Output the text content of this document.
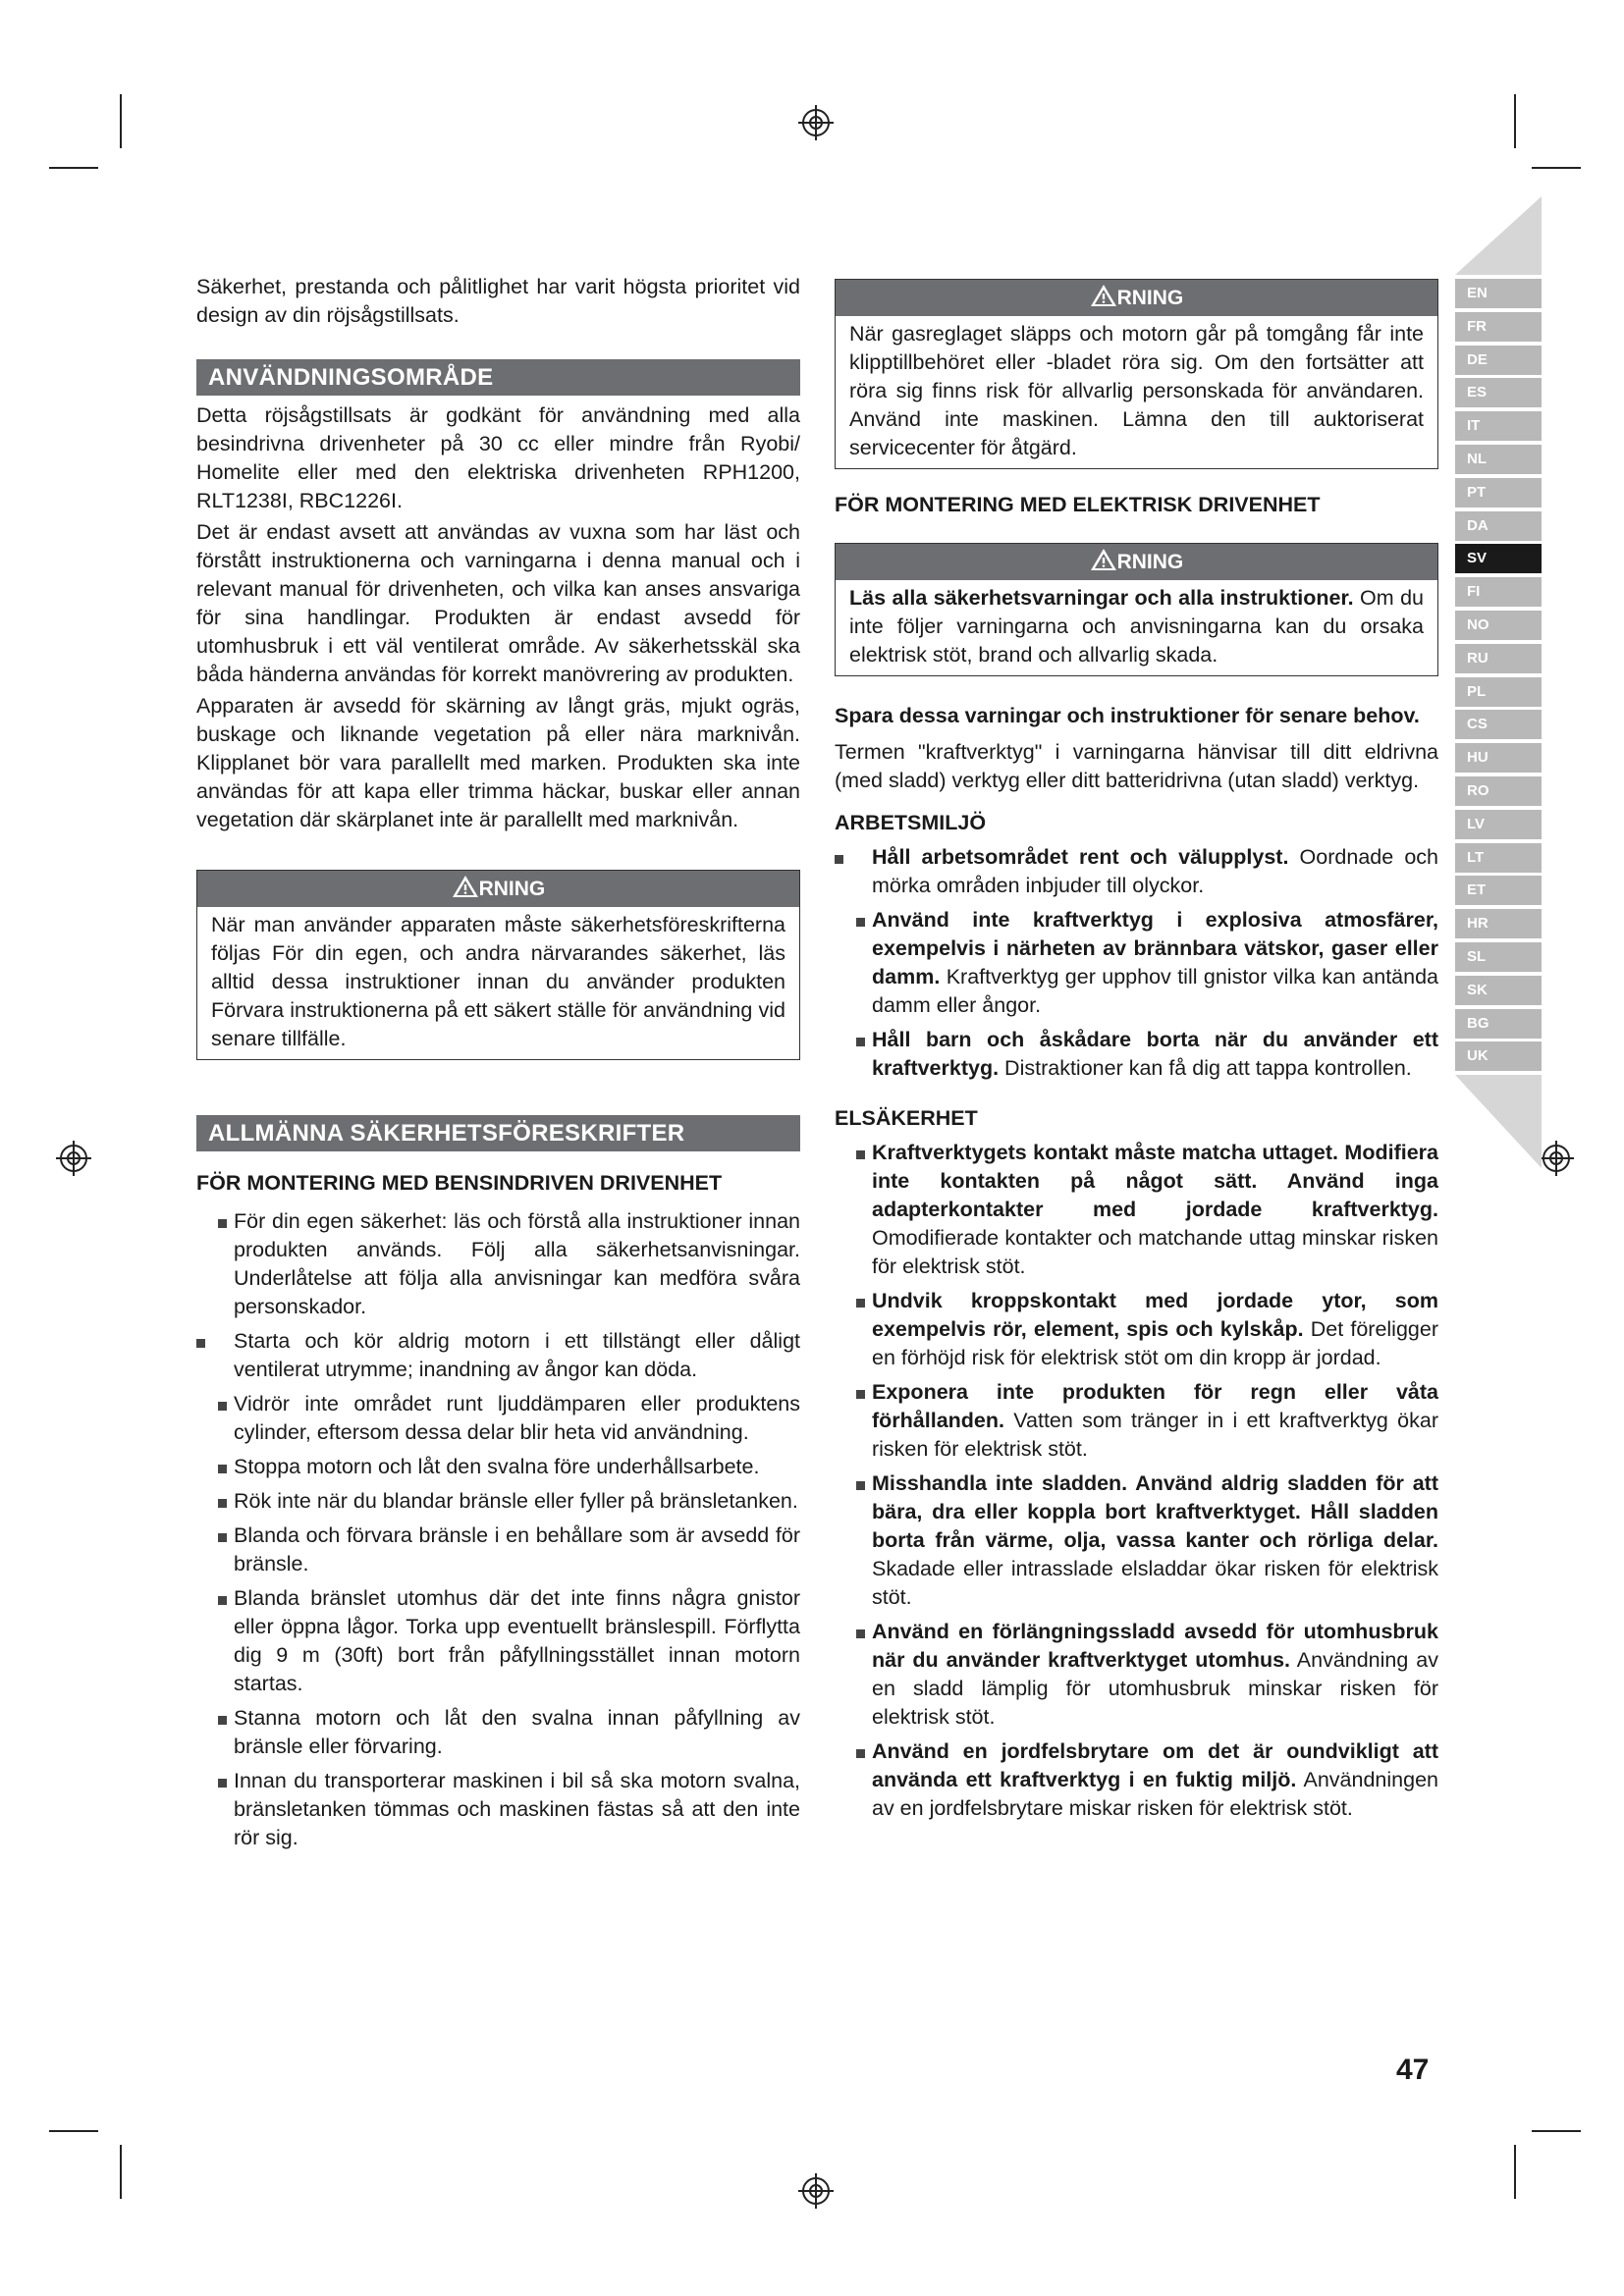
EN
FR
DE
ES
IT
NL
PT
DA
SV
FI
NO
RU
PL
CS
HU
RO
LV
LT
ET
HR
SL
SK
BG
UK

Säkerhet, prestanda och pålitlighet har varit högsta prioritet vid design av din röjsågstillsats.

ANVÄNDNINGSOMRÅDE

Detta röjsågstillsats är godkänt för användning med alla besindrivna drivenheter på 30 cc eller mindre från Ryobi/ Homelite eller med den elektriska drivenheten RPH1200, RLT1238I, RBC1226I.

Det är endast avsett att användas av vuxna som har läst och förstått instruktionerna och varningarna i denna manual och i relevant manual för drivenheten, och vilka kan anses ansvariga för sina handlingar. Produkten är endast avsedd för utomhusbruk i ett väl ventilerat område. Av säkerhetsskäl ska båda händerna användas för korrekt manövrering av produkten.

Apparaten är avsedd för skärning av långt gräs, mjukt ogräs, buskage och liknande vegetation på eller nära marknivån. Klipplanet bör vara parallellt med marken. Produkten ska inte användas för att kapa eller trimma häckar, buskar eller annan vegetation där skärplanet inte är parallellt med marknivån.

RNING

När man använder apparaten måste säkerhetsföreskrifterna följas För din egen, och andra närvarandes säkerhet, läs alltid dessa instruktioner innan du använder produkten Förvara instruktionerna på ett säkert ställe för användning vid senare tillfälle.

ALLMÄNNA SÄKERHETSFÖRESKRIFTER
FÖR MONTERING MED BENSINDRIVEN DRIVENHET
För din egen säkerhet: läs och förstå alla instruktioner innan produkten används. Följ alla säkerhetsanvisningar. Underlåtelse att följa alla anvisningar kan medföra svåra personskador.
Starta och kör aldrig motorn i ett tillstängt eller dåligt ventilerat utrymme; inandning av ångor kan döda.
Vidrör inte området runt ljuddämparen eller produktens cylinder, eftersom dessa delar blir heta vid användning.
Stoppa motorn och låt den svalna före underhållsarbete.
Rök inte när du blandar bränsle eller fyller på bränsletanken.
Blanda och förvara bränsle i en behållare som är avsedd för bränsle.
Blanda bränslet utomhus där det inte finns några gnistor eller öppna lågor. Torka upp eventuellt bränslespill. Förflytta dig 9 m (30ft) bort från påfyllningsstället innan motorn startas.
Stanna motorn och låt den svalna innan påfyllning av bränsle eller förvaring.
Innan du transporterar maskinen i bil så ska motorn svalna, bränsletanken tömmas och maskinen fästas så att den inte rör sig.
RNING

När gasreglaget släpps och motorn går på tomgång får inte klipptillbehöret eller -bladet röra sig. Om den fortsätter att röra sig finns risk för allvarlig personskada för användaren. Använd inte maskinen. Lämna den till auktoriserat servicecenter för åtgärd.

FÖR MONTERING MED ELEKTRISK DRIVENHET
RNING

Läs alla säkerhetsvarningar och alla instruktioner. Om du inte följer varningarna och anvisningarna kan du orsaka elektrisk stöt, brand och allvarlig skada.

Spara dessa varningar och instruktioner för senare behov.

Termen "kraftverktyg" i varningarna hänvisar till ditt eldrivna (med sladd) verktyg eller ditt batteridrivna (utan sladd) verktyg.

ARBETSMILJÖ
Håll arbetsområdet rent och välupplyst. Oordnade och mörka områden inbjuder till olyckor.
Använd inte kraftverktyg i explosiva atmosfärer, exempelvis i närheten av brännbara vätskor, gaser eller damm. Kraftverktyg ger upphov till gnistor vilka kan antända damm eller ångor.
Håll barn och åskådare borta när du använder ett kraftverktyg. Distraktioner kan få dig att tappa kontrollen.
ELSÄKERHET
Kraftverktygets kontakt måste matcha uttaget. Modifiera inte kontakten på något sätt. Använd inga adapterkontakter med jordade kraftverktyg. Omodifierade kontakter och matchande uttag minskar risken för elektrisk stöt.
Undvik kroppskontakt med jordade ytor, som exempelvis rör, element, spis och kylskåp. Det föreligger en förhöjd risk för elektrisk stöt om din kropp är jordad.
Exponera inte produkten för regn eller våta förhållanden. Vatten som tränger in i ett kraftverktyg ökar risken för elektrisk stöt.
Misshandla inte sladden. Använd aldrig sladden för att bära, dra eller koppla bort kraftverktyget. Håll sladden borta från värme, olja, vassa kanter och rörliga delar. Skadade eller intrasslade elsladdar ökar risken för elektrisk stöt.
Använd en förlängningssladd avsedd för utomhusbruk när du använder kraftverktyget utomhus. Användning av en sladd lämplig för utomhusbruk minskar risken för elektrisk stöt.
Använd en jordfelsbrytare om det är oundvikligt att använda ett kraftverktyg i en fuktig miljö. Användningen av en jordfelsbrytare miskar risken för elektrisk stöt.
47
